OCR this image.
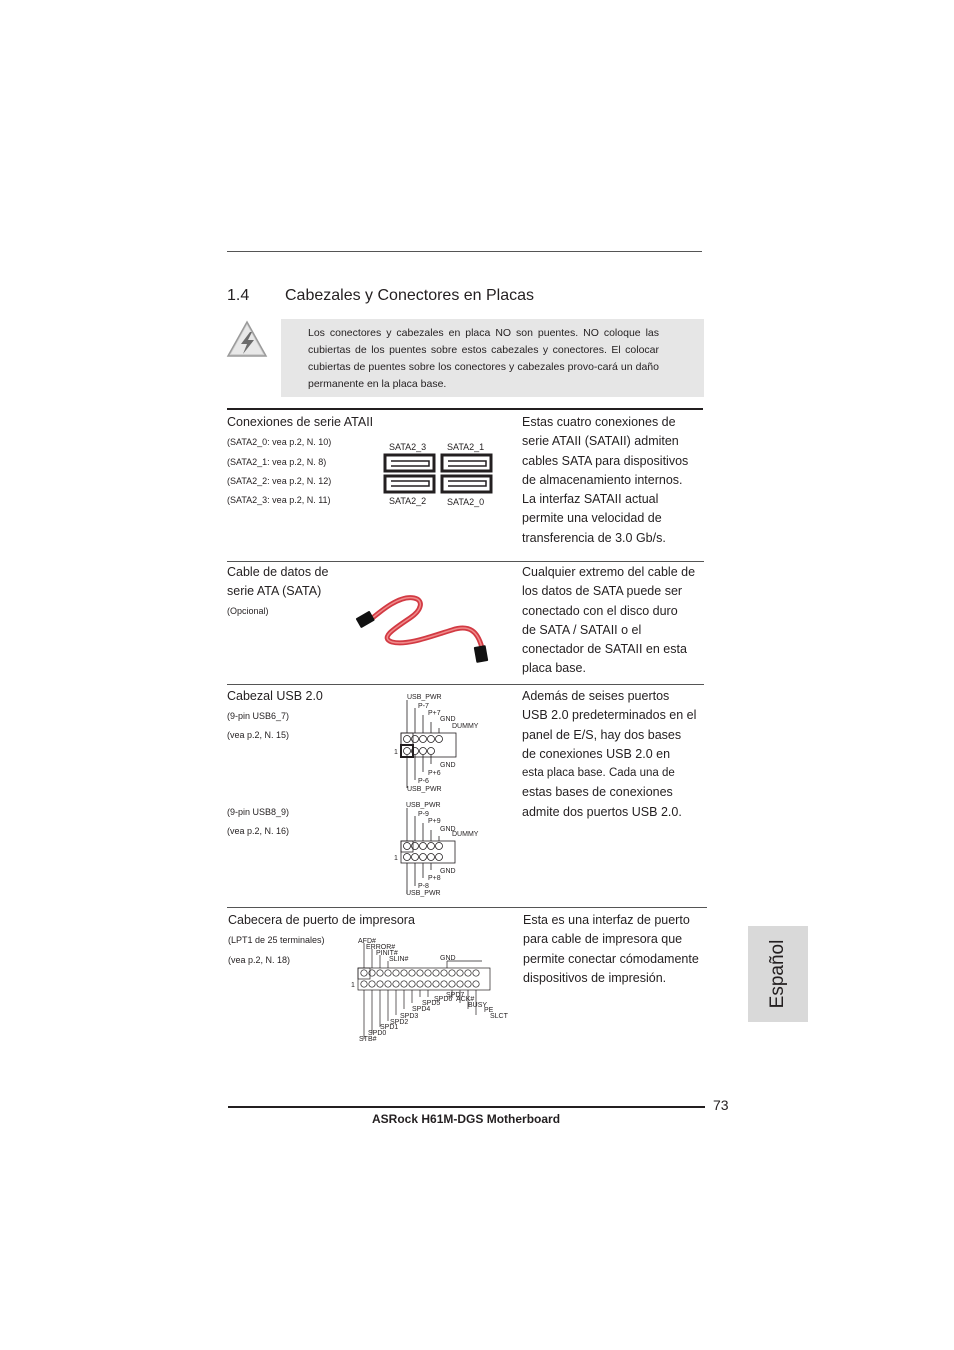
1.4 Cabezales y Conectores en Placas
Los conectores y cabezales en placa NO son puentes. NO coloque las cubiertas de los puentes sobre estos cabezales y conectores. El colocar cubiertas de puentes sobre los conectores y cabezales provo-cará un daño permanente en la placa base.
Conexiones de serie ATAII
(SATA2_0: vea p.2, N. 10)
(SATA2_1: vea p.2, N. 8)
(SATA2_2: vea p.2, N. 12)
(SATA2_3: vea p.2, N. 11)
SATA2_3 SATA2_1
SATA2_2 SATA2_0
Estas cuatro conexiones de
serie ATAII (SATAII) admiten
cables SATA para dispositivos
de almacenamiento internos.
La interfaz SATAII actual
permite una velocidad de
transferencia de 3.0 Gb/s.
Cable de datos de
serie ATA (SATA)
(Opcional)
Cualquier extremo del cable de
los datos de SATA puede ser
conectado con el disco duro
de SATA / SATAII o el
conectador de SATAII en esta
placa base.
Cabezal USB 2.0
(9-pin USB6_7)
(vea p.2, N. 15)
(9-pin USB8_9)
(vea p.2, N. 16)
USB_PWR
P-7
P+7
GND
DUMMY
1
GND
P+6
P-6
USB_PWR
USB_PWR
P-9
P+9
GND
DUMMY
1
GND
P+8
P-8
USB_PWR
Además de seises puertos
USB 2.0 predeterminados en el
panel de E/S, hay dos bases
de conexiones USB 2.0 en
esta placa base. Cada una de
estas bases de conexiones
admite dos puertos USB 2.0.
Cabecera de puerto de impresora
(LPT1 de 25 terminales)
(vea p.2, N. 18)
AFD#
ERROR#
PINIT#
SLIN#	GND
1
SPD7
ACK#
SPD6
BUSY
SPD5
PE
SPD4
SLCT
SPD3
SPD2
SPD1
SPD0
STB#
Esta es una interfaz de puerto
para cable de impresora que
permite conectar cómodamente
dispositivos de impresión.	Español
73
ASRock H61M-DGS Motherboard
